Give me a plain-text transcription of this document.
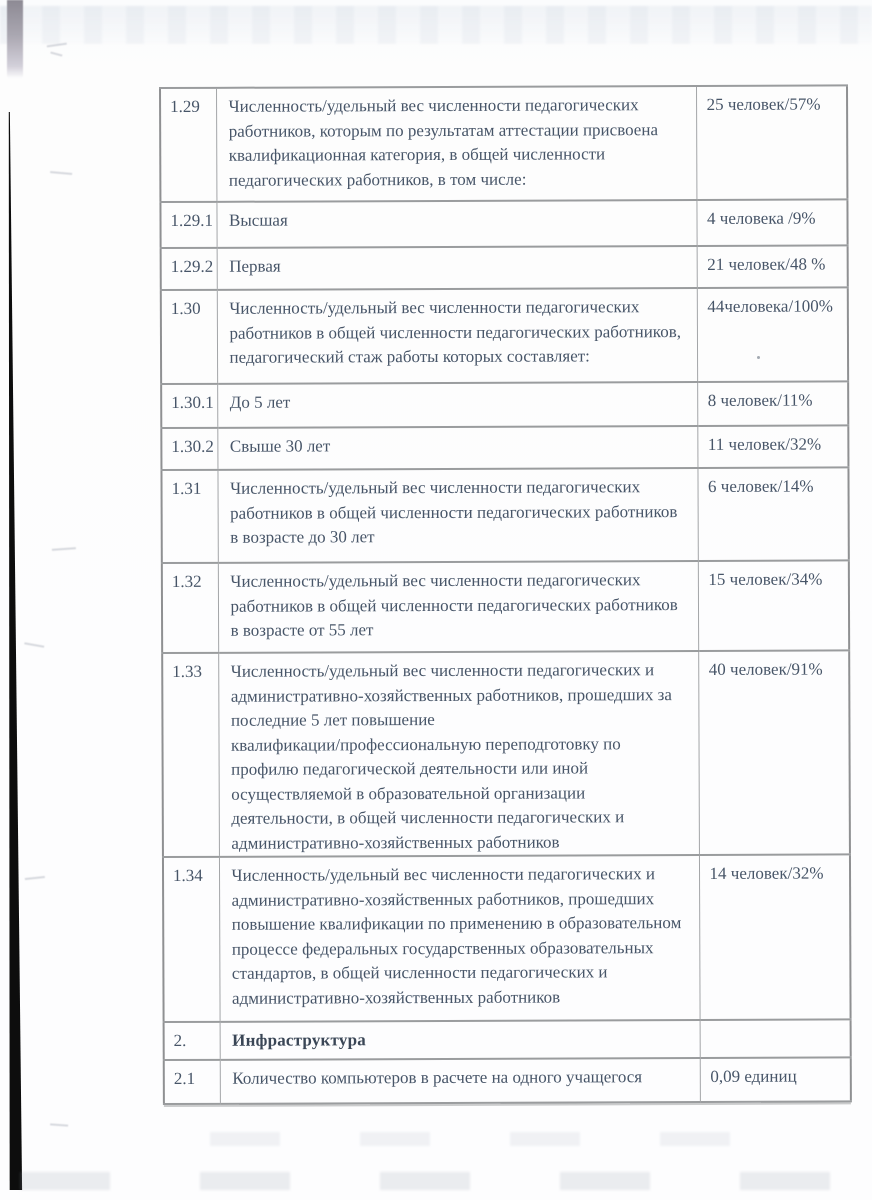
1.29	Численность/удельный вес численности педагогических
работников, которым по результатам аттестации присвоена
квалификационная категория, в общей численности
педагогических работников, в том числе:	25 человек/57%
1.29.1	Высшая	4 человека /9%
1.29.2	Первая	21 человек/48 %
1.30	Численность/удельный вес численности педагогических
работников в общей численности педагогических работников,
педагогический стаж работы которых составляет:	44человека/100%
1.30.1	До 5 лет	8 человек/11%
1.30.2	Свыше 30 лет	11 человек/32%
1.31	Численность/удельный вес численности педагогических
работников в общей численности педагогических работников
в возрасте до 30 лет	6 человек/14%
1.32	Численность/удельный вес численности педагогических
работников в общей численности педагогических работников
в возрасте от 55 лет	15 человек/34%
1.33	Численность/удельный вес численности педагогических и
административно-хозяйственных работников, прошедших за
последние 5 лет повышение
квалификации/профессиональную переподготовку по
профилю педагогической деятельности или иной
осуществляемой в образовательной организации
деятельности, в общей численности педагогических и
административно-хозяйственных работников	40 человек/91%
1.34	Численность/удельный вес численности педагогических и
административно-хозяйственных работников, прошедших
повышение квалификации по применению в образовательном
процессе федеральных государственных образовательных
стандартов, в общей численности педагогических и
административно-хозяйственных работников	14 человек/32%
2.	Инфраструктура	
2.1	Количество компьютеров в расчете на одного учащегося	0,09 единиц
